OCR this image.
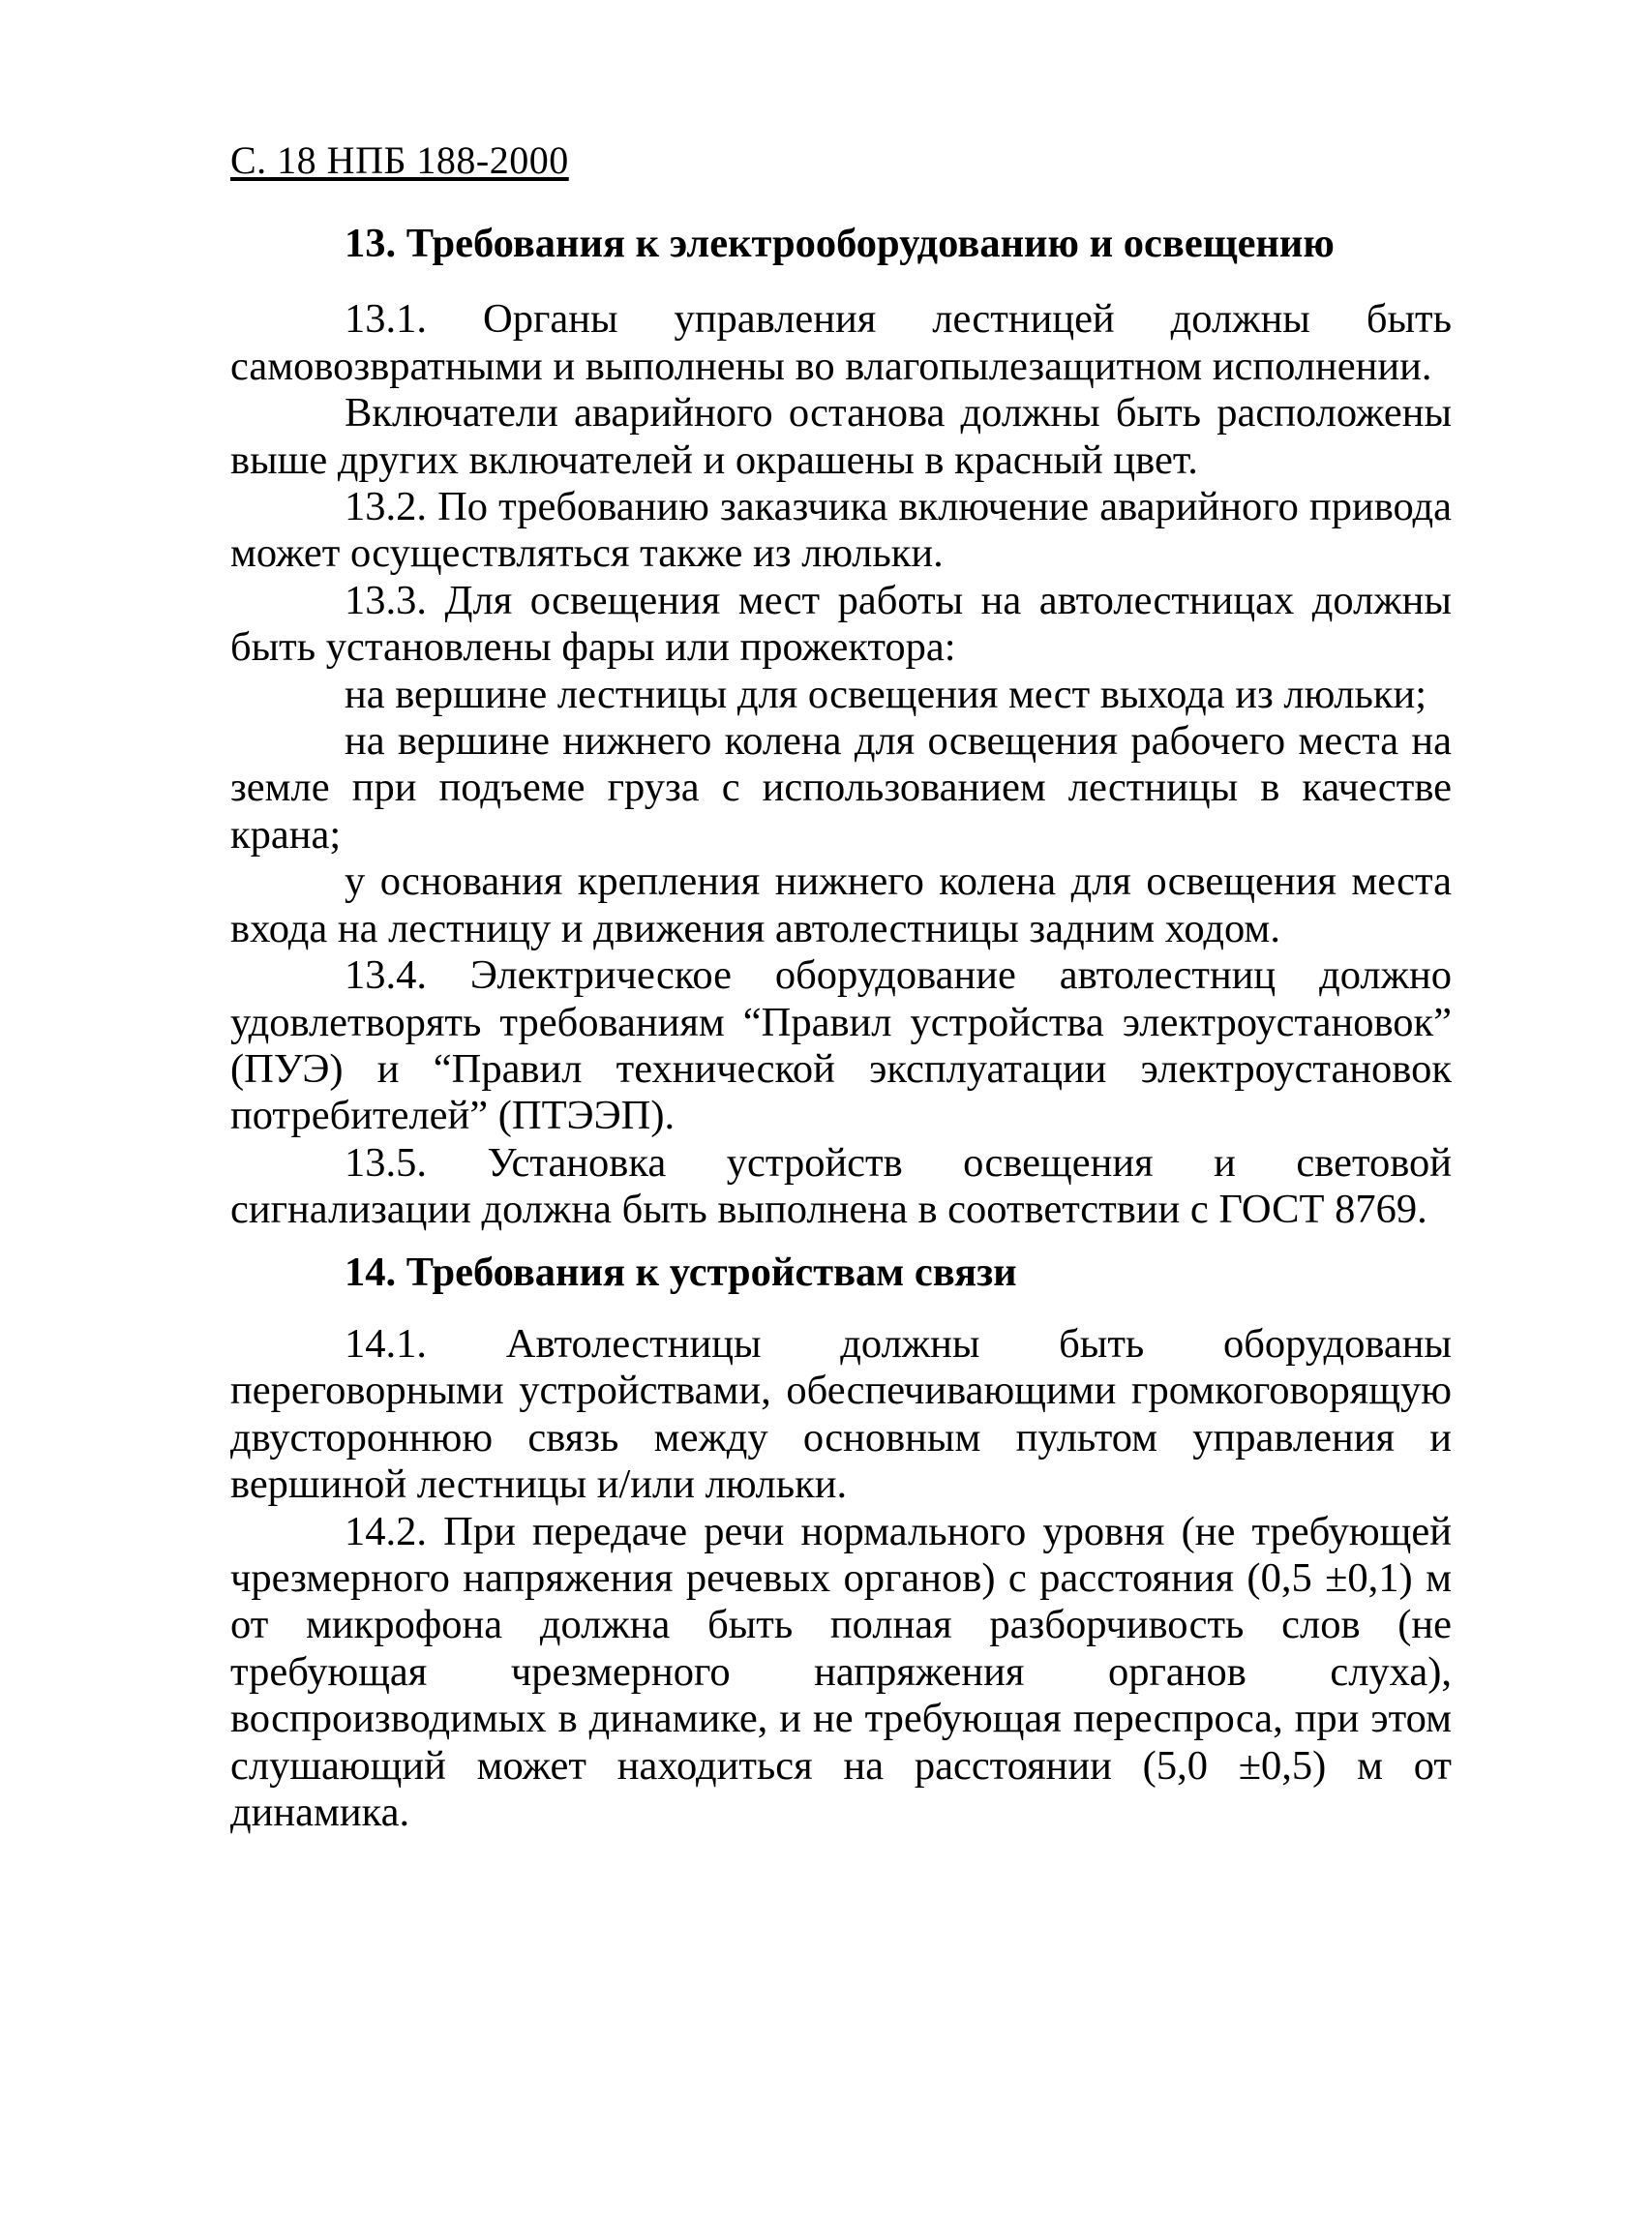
С. 18 НПБ 188-2000
13. Требования к электрооборудованию и освещению

13.1. Органы управления лестницей должны быть самовозвратными и выполнены во влагопылезащитном исполнении.

Включатели аварийного останова должны быть расположены выше других включателей и окрашены в красный цвет.

13.2. По требованию заказчика включение аварийного привода может осуществляться также из люльки.

13.3. Для освещения мест работы на автолестницах должны быть установлены фары или прожектора:

на вершине лестницы для освещения мест выхода из люльки;

на вершине нижнего колена для освещения рабочего места на земле при подъеме груза с использованием лестницы в качестве крана;

у основания крепления нижнего колена для освещения места входа на лестницу и движения автолестницы задним ходом.

13.4. Электрическое оборудование автолестниц должно удовлетворять требованиям “Правил устройства электроустановок” (ПУЭ) и “Правил технической эксплуатации электроустановок потребителей” (ПТЭЭП).

13.5. Установка устройств освещения и световой сигнализации должна быть выполнена в соответствии с ГОСТ 8769.

14. Требования к устройствам связи

14.1. Автолестницы должны быть оборудованы переговорными устройствами, обеспечивающими громкоговорящую двустороннюю связь между основным пультом управления и вершиной лестницы и/или люльки.

14.2. При передаче речи нормального уровня (не требующей чрезмерного напряжения речевых органов) с расстояния (0,5 ±0,1) м от микрофона должна быть полная разборчивость слов (не требующая чрезмерного напряжения органов слуха), воспроизводимых в динамике, и не требующая переспроса, при этом слушающий может находиться на расстоянии (5,0 ±0,5) м от динамика.
